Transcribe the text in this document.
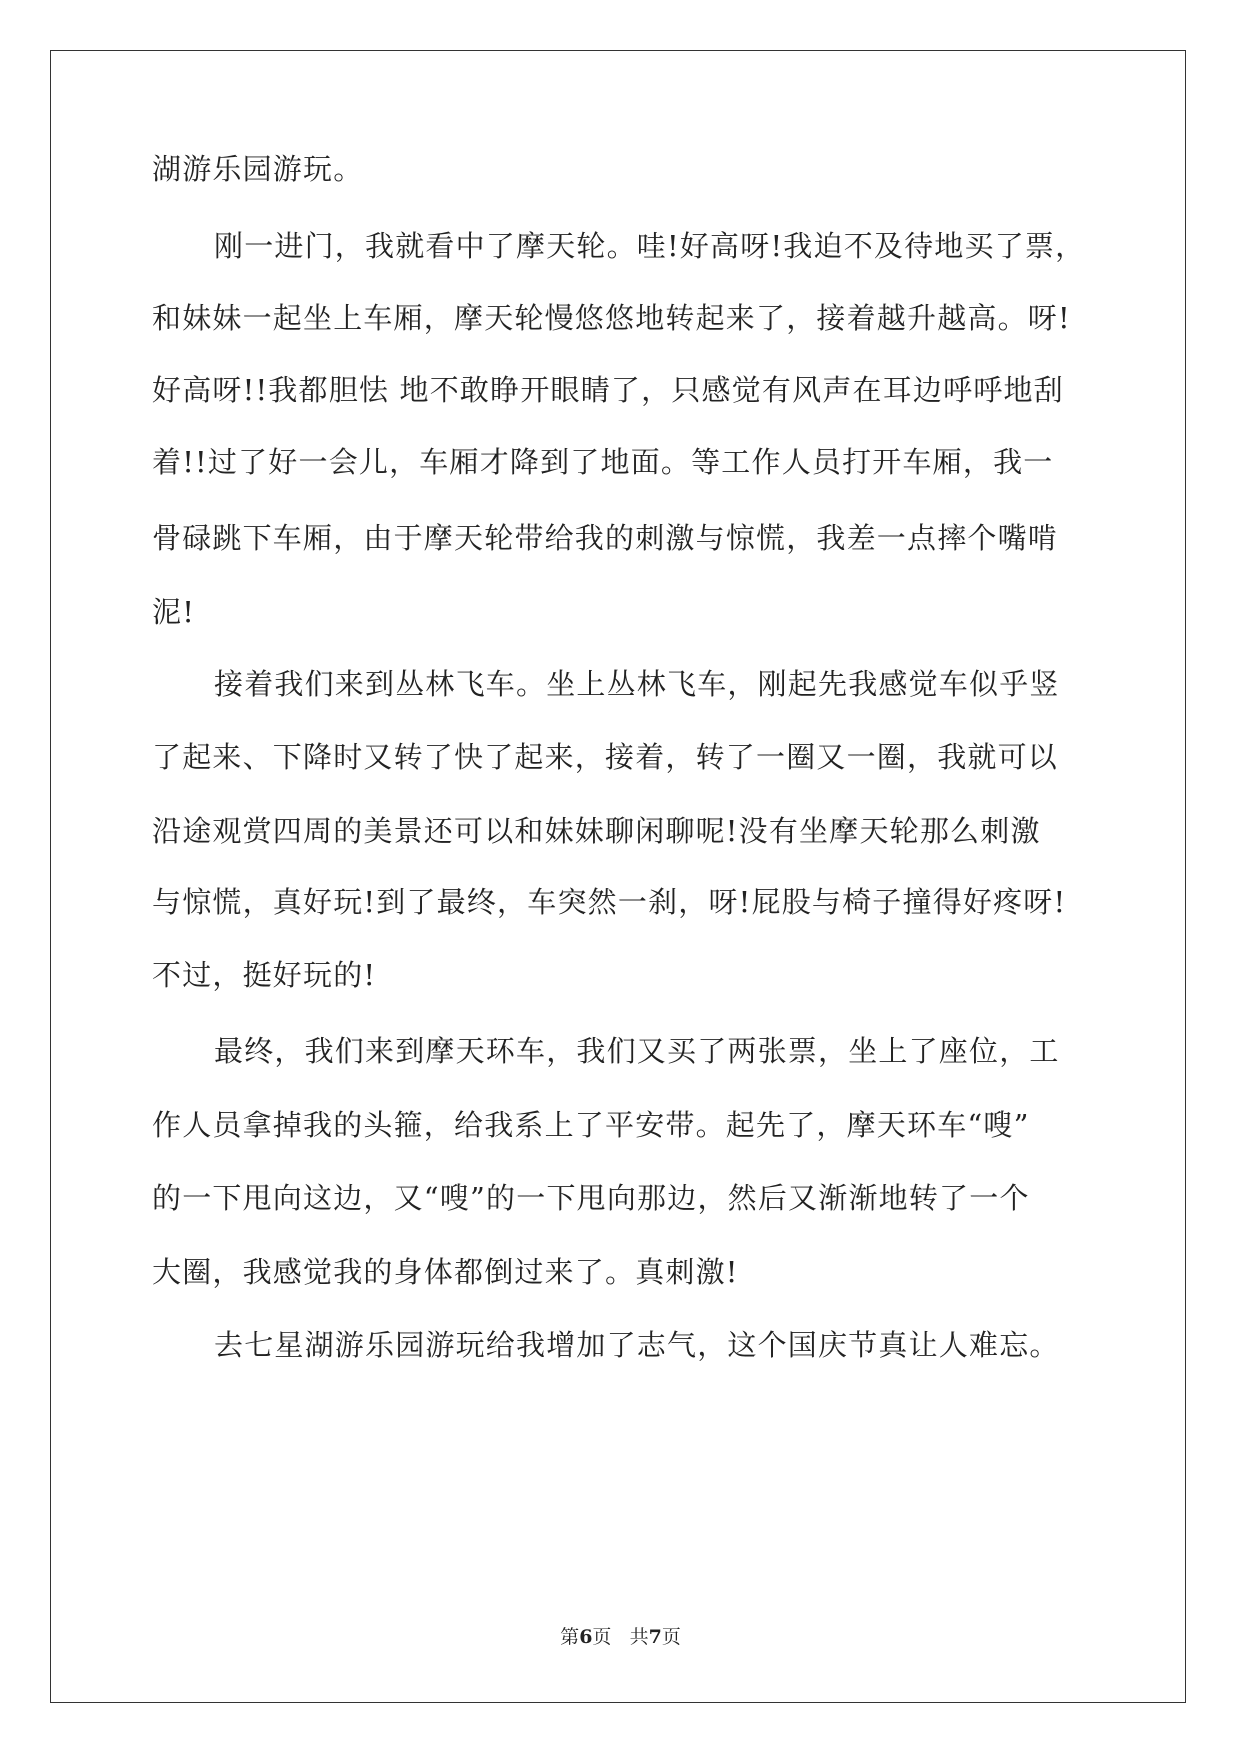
湖游乐园游玩。
刚一进门，我就看中了摩天轮。哇!好高呀!我迫不及待地买了票，
和妹妹一起坐上车厢，摩天轮慢悠悠地转起来了，接着越升越高。呀!
好高呀!!我都胆怯 地不敢睁开眼睛了，只感觉有风声在耳边呼呼地刮
着!!过了好一会儿，车厢才降到了地面。等工作人员打开车厢，我一
骨碌跳下车厢，由于摩天轮带给我的刺激与惊慌，我差一点摔个嘴啃
泥!
接着我们来到丛林飞车。坐上丛林飞车，刚起先我感觉车似乎竖
了起来、下降时又转了快了起来，接着，转了一圈又一圈，我就可以
沿途观赏四周的美景还可以和妹妹聊闲聊呢!没有坐摩天轮那么刺激
与惊慌，真好玩!到了最终，车突然一刹，呀!屁股与椅子撞得好疼呀!
不过，挺好玩的!
最终，我们来到摩天环车，我们又买了两张票，坐上了座位，工
作人员拿掉我的头箍，给我系上了平安带。起先了，摩天环车“嗖”
的一下甩向这边，又“嗖”的一下甩向那边，然后又渐渐地转了一个
大圈，我感觉我的身体都倒过来了。真刺激!
去七星湖游乐园游玩给我增加了志气，这个国庆节真让人难忘。
第6页 共7页
